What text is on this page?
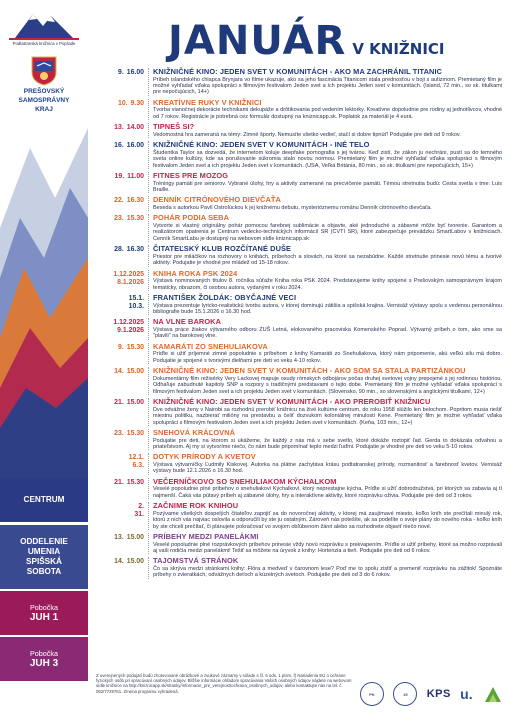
Podtatranská knižnica v Poprade
PREŠOVSKÝ
SAMOSPRÁVNY
KRAJ
CENTRUM
ODDELENIE
UMENIA
SPIŠSKÁ
SOBOTA
Pobočka
JUH 1
Pobočka
JUH 3
JANUÁR V KNIŽNICI
9. 16.00 KNIŽNIČNÉ KINO: JEDEN SVET V KOMUNITÁCH - AKO MA ZACHRÁNIL TITANIC
Príbeh islandského chlapca Brynjara vo filme ukazuje, ako sa jeho fascinácia Titanicom stala prednosťou v boji s autizmom. Premietaný film je možné vyhľadať vďaka spolupráci s filmovým festivalom Jeden svet a ich projektu Jeden svet v komunitách. (Island, 72 min., so sk. titulkami pre nepočujúcich, 14+)
10. 9.30 KREATÍVNE RUKY V KNIŽNICI
Tvorba vianočnej dekorácie technikami dekupáže a drôtikovania pod vedením lektorky. Kreatívne dopoludnie pre rodiny aj jednotlivcov, vhodné od 7 rokov. Registrácie je potrebná cez formulár dostupný na kniznicapp.sk. Poplatok za materiál je 4 eurá.
13. 14.00 TIPNEŠ SI?
Vedomostná hra zameraná na témy: Zimné športy. Nemusíte všetko vedieť, stačí si dobre tipnúť! Podujatie pre deti od 9 rokov.
16. 16.00 KNIŽNIČNÉ KINO: JEDEN SVET V KOMUNITÁCH - INÉ TELO
Študentka Taylor sa dozvedá, že internetom koluje deepfake pornografia s jej tvárou. Keď zistí, že zákon ju nechráni, pustí sa do temného sveta online kultúry, kde sa porušovanie súkromia stalo novou normou. Premietaný film je možné vyhľadať vďaka spolupráci s filmovým festivalom Jeden svet a ich projektu Jeden svet v komunitách. (USA, Veľká Británia, 80 min., so sk. titulkami pre nepočujúcich, 15+)
19. 11.00 FITNES PRE MOZOG
Tréningy pamäti pre seniorov. Vybrané úlohy, hry a aktivity zamerané na precvičenie pamäti. Témou stretnutia budú: Cesta svetla v tme: Luis Braille.
22. 16.30 DENNÍK CITRÓNOVÉHO DIEVČAŤA
Beseda s autorkou Pavlí Ostrolúckou k jej knižnému debutu, mysterióznemu románu Denník citrónového dievčaťa.
23. 15.30 POHÁR PODIA SEBA
Vytvorte si vlastný originálny pohár pomocou farebnej sublimácie a objavte, aké jednoduché a zábavné môže byť tvorenie. Garantom a realizátorom opatrenia je Centrum vedecko-technických informácií SR (CVTI SR), ktoré zabezpečuje prevádzku SmartLabov v knižniciach. Cenník SmartLabu je dostupný na webovom sídle kniznicapp.sk
28. 16.30 ČITATEĽSKÝ KLUB ROZČÍTANÉ DUŠE
Priestor pre miláčikov na rozhovory o knihách, príbehoch a slovách, na ktoré sa nezabúdne. Každé stretnutie prinesie novú tému a tvorivé aktivity. Podujatie je vhodné pre mládež od 15-18 rokov.
1.12.2025
8.1.2026
KNIHA ROKA PSK 2024
Výstava nominovaných titulov 8. ročníka súťaže Kniha roka PSK 2024. Predstavujeme knihy spojené s Prešovským samosprávnym krajom tematicky, obrazom, či osobou autora, vydanými v roku 2024.
15.1.
10.3.
FRANTIŠEK ŽOLDÁK: OBYČAJNÉ VECI
Výstava prezentuje lyricko-realistickú tvorbu autora, v ktorej dominujú zátišia a spišská krajina. Vernisáž výstavy spolu s vedenou personálnou bibliografie bude 15.1.2026 o 16.30 hod.
1.12.2025
9.1.2026
NA VLNE BAROKA
Výstava práce žiakov výtvarného odboru ZUŠ Letná, elokovaného pracoviska Komenského Poprad. Výtvarný príbeh o tom, ako sme sa "plavili" na barokovej vlne.
9. 15.30 KAMARÁTI ZO SNEHULIAKOVA
Príďte si užiť príjemné zimné popoludnie s príbehom z knihy Kamaráti zo Snehuliakova, ktorý nám pripomenie, akú veľkú silu má dobro. Podujatie je spojené s tvorivými dielňami pre deti vo veku 4-10 rokov.
14. 15.00 KNIŽNIČNÉ KINO: JEDEN SVET V KOMUNITÁCH - AKO SOM SA STALA PARTIZÁNKOU
Dokumentárny film režisérky Very Lackovej mapuje osudy rómskych odbojárov počas druhej svetovej vojny prepojené s jej rodinnou históriou. Odhaľuje zabudnuté kapitoly SNP a rozpory s tradičnými predstavami o tejto dobe. Premietaný film je možné vyhľadať vďaka spolupráci s filmovým festivalom Jeden svet a ich projektu Jeden svet v komunitách. (Slovensko, 90 min., so slovenskými a anglickými titulkami, 12+)
21. 15.00 KNIŽNIČNÉ KINO: JEDEN SVET V KOMUNITÁCH - AKO PREROBIŤ KNIŽNICU
Dve odvážne ženy v Nairobi sa rozhodnú prerobiť knižnicu na živé kultúrne centrum, do roku 1958 slúžilo len belochom. Popritom musia riešiť miestnu politiku, nazbierať milióny na prestavbu a čeliť dozvukom koloniálnej minulosti Kene. Premietaný film je možné vyhľadať vďaka spolupráci s filmovým festivalom Jeden svet a ich projektu Jeden svet v komunitách. (Keňa, 103 min., 12+)
23. 15.30 SNEHOVÁ KRÁĽOVNÁ
Podujatie pre deti, na ktorom si ukážeme, že každý z nás má v sebe svetlo, ktoré dokáže roztopiť ľad. Gerda to dokázala odvahou a priateľstvom. Aj my si vytvoríme niečo, čo nám bude pripomínať teplo medzi ľuďmi. Podujatie je vhodné pre deti vo veku 5-10 rokov.
12.1.
6.3.
DOTYK PRÍRODY A KVETOV
Výstava výtvarníčky Ľudmily Kiskovej. Autorka na plátne zachytáva krásu podtatranskej prírody, rozmanitosť a farebnosť kvetov. Vernisáž výstavy bude 12.1.2026 o 16.30 hod.
21. 15.30 VEČERNÍČKOVO SO SNEHULIAKOM KÝCHALKOM
Veselé popoludnie plné príbehov o snehuliakovi Kýchalkovi, ktorý neprestajne kýcha. Príďte si užiť dobrodružstvá, pri ktorých sa zabavia aj tí najmenší. Čaká vás pútavý príbeh aj zábavné úlohy, hry a interaktívne aktivity, ktoré rozprávku oživia. Podujatie pre deti od 3 rokov.
2.
31.
ZAČNIME ROK KNIHOU
Pozývame všetkých dospelých čitateľov zapojiť sa do novoročnej aktivity, v ktorej má zaujímavé miesto, koľko kníh ste prečítali minulý rok, ktorú z nich vás najviac oslovila a odporučili by ste ju ostatným. Zároveň nás potešíte, ak sa podelíte o svoje plány do nového roka - koľko kníh by ste chceli prečítať, či plánujete pokračovať vo svojom obľúbenom žánri alebo sa rozhodnete objaviť niečo nové.
13. 15.00 PRÍBEHY MEDZI PANELÁKMI
Veselé popoludnie plné rozprávkových príbehov prinesie vždy novú rozprávku s prekvapením. Príďte si užiť príbehy, ktoré sa možno rozprávali aj vaši rodičia medzi panelákmi! Tešiť sa môžete na úryvok z knihy: Hortenzia a tieň. Podujatie pre deti od 6 rokov.
14. 15.00 TAJOMSTVÁ STRÁNOK
Čo sa skrýva medzi stránkami knihy: Flóra a medveď v čarovnom lese? Poď me to spolu zistiť a premeniť rozprávku na zážitok! Spoznáte príbehy o zvieratkách, odvážnych deťoch a kúzelných svetoch. Podujatie pre deti od 3 do 6 rokov.
Z uverejnených podujatí budú zhotovované obrázkové a zvukové záznamy v súlade s čl. 6 ods. 1 písm. f) Nariadenia EÚ o ochrane fyzických osôb pri spracúvaní osobných údajov. Bližšie informácie ohľadom spracúvania Vašich osobných údajov nájdete na webovom sídle knižnice na http://kniznicapp.sk/stranky/informacie_pre_verejnost/ochrana_osobnych_udajov, alebo kontaktujte nás na tel. č. 052/7729781. Zmena programu vyhradená.
PK	15	KPS u.
